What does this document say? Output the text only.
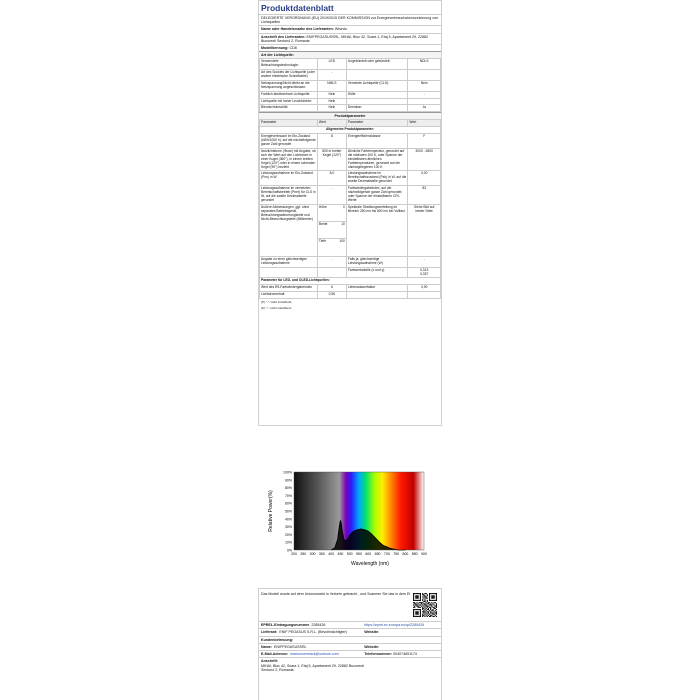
Produktdatenblatt
DELEGIERTE VERORDNUNG (EU) 2019/2015 DER KOMMISSION zur Energieverbrauchskennzeichnung von Lichtquellen
Name oder Handelsmarke des Lieferanten: Wisedo
Anschrift des Lieferanten: ENIFPEGASUSSRL, MIHAI, Bloc 42, Scara 1, Etaj 5, Apartament 29, 22882 Bucuresti Sectorul 2, Romania
Modellkennung: CD8
Art der Lichtquelle:
Verwendete Beleuchtungstechnologie:	LED	Ungebündelt oder gebündelt:	NDLS
Art des Sockels der Lichtquelle (oder andere elektrische Schnittstelle)	-		
Netzspannung/Nicht direkt an die Netzspannung angeschlossen:	NMLS	Vernetzte Lichtquelle (CLS):	Nein
Farbiich abstimmbare Lichtquelle:	Nein	Hülle:	-
Lichtquelle mit hoher Leuchtdichte:	Nein		
Blendschutzschild:	Nein	Dimmbar:	Ja
Produktparameter
Parameter	Wert	Parameter	Wert
Allgemeine Produktparameter:			
Energieverbrauch im Ein-Zustand (kWh/1000 h), auf die nächstfolgende ganze Zahl gerundet	8	Energieeffizienzklasse	F
Nutzlichtstrom (Φuse) mit Angabe, ob sich der Wert auf den Lichtstrom in einer Kugel (360°), in einem breiten Kegel (120°) oder in einem schmalen Kegel (90°) bezieht	800 in breiter Kegel (120°)	Ähnliche Farbtemperatur, gerundet auf die nächsten 100 K, oder Spanne der einstellbaren ähnlichen Farbtemperaturen, gerundet auf die nächstgelegenen 100 K	3000 - 6500
Leistungsaufnahme im Ein-Zustand (Pon) in W	8,0	Leistungsaufnahme im Bereitschaftszustand (Psb) in W, auf die zweite Dezimalstelle gerundet	0,00
Leistungsaufnahme im vernetzten Bereitschaftsbetrieb (Pnet) für CLS in W, auf die zweite Dezimalstelle gerundet	-	Farbwiedergabeindex, auf die nächstfolgende ganze Zahl gerundet, oder Spanne der einstellbaren CRI-Werte	83
Äußere Abmessungen, ggf. ohne separates Betriebsgerät, Beleuchtungssteuerungsteile und Nicht-Beleuchtungsteile (Millimeter)	Höhe 0	Spektrale Strahlungsverteilung im Bereich 250 nm bis 800 nm bei Volllast	Siehe Bild auf letzter Seite
	Breite 10		

	Tiefe 100		

Angabe zu einer gleichwertigen Leistungsaufnahme	-	Falls ja, gleichwertige Leistungsaufnahme (W)	-
		Farbwertanteile (x und y)	0,313
0,337
Parameter für LED- und OLED-Lichtquellen:			
Wert des R9-Farbwiedergabeindex	6	Lebensdauerfaktor	0,90
Lichtstromerhalt	0,96		
(P) "-": nicht zutreffend;
(b) "-": nicht zutreffend;
0%
10%
20%
30%
40%
50%
60%
70%
80%
90%
100%
200 250 300 350 400 450 500 550 600 650 700 750 800 850 900
Wavelength (nm)
Relative Power(%)
Das Modell wurde auf dem Unionsmarkt in Verkehr gebracht , und Scannen Sie das in dem EI
EPREL-Eintragungsnummer 2285426	https://eprel.ec.europa.eu/qr/2285426
Lieferant: ENIF PEGASUS S.R.L. (Bevollmächtigter)	Website:
Kundenbetreuung:
Name: ENIFPEGASUSSRL	Website:
E-Mail-Adresse: mariowoermack@outlook.com	Telefonnummer: 004074651174
Anschrift:
MIHAI, Bloc 42, Scara 1, Etaj 5, Apartament 29, 22882 Bucuresti Sectorul 2, Romania
